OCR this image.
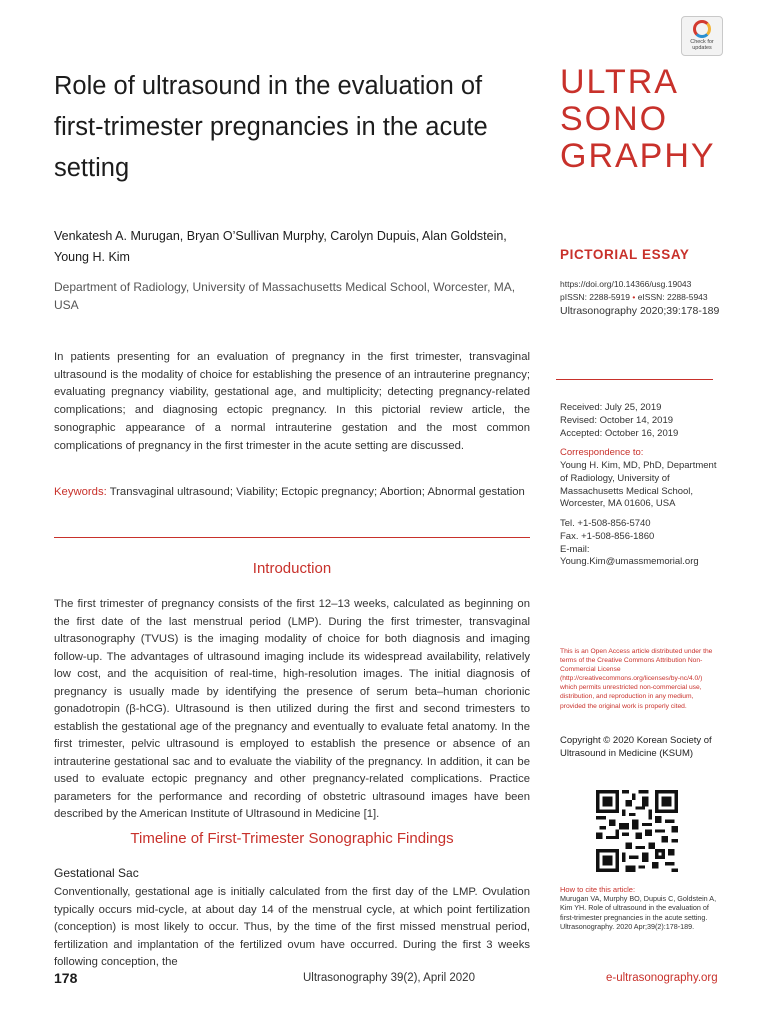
Check for updates
Role of ultrasound in the evaluation of first-trimester pregnancies in the acute setting
ULTRA
SONO
GRAPHY
Venkatesh A. Murugan, Bryan O’Sullivan Murphy, Carolyn Dupuis, Alan Goldstein,
Young H. Kim
Department of Radiology, University of Massachusetts Medical School, Worcester, MA, USA
PICTORIAL ESSAY
https://doi.org/10.14366/usg.19043
pISSN: 2288-5919 • eISSN: 2288-5943
Ultrasonography 2020;39:178-189
In patients presenting for an evaluation of pregnancy in the first trimester, transvaginal ultrasound is the modality of choice for establishing the presence of an intrauterine pregnancy; evaluating pregnancy viability, gestational age, and multiplicity; detecting pregnancy-related complications; and diagnosing ectopic pregnancy. In this pictorial review article, the sonographic appearance of a normal intrauterine gestation and the most common complications of pregnancy in the first trimester in the acute setting are discussed.
Keywords: Transvaginal ultrasound; Viability; Ectopic pregnancy; Abortion; Abnormal gestation
Received: July 25, 2019
Revised: October 14, 2019
Accepted: October 16, 2019
Correspondence to:
Young H. Kim, MD, PhD, Department of Radiology, University of Massachusetts Medical School, Worcester, MA 01606, USA
Tel. +1-508-856-5740
Fax. +1-508-856-1860
E-mail: Young.Kim@umassmemorial.org
Introduction
The first trimester of pregnancy consists of the first 12–13 weeks, calculated as beginning on the first date of the last menstrual period (LMP). During the first trimester, transvaginal ultrasonography (TVUS) is the imaging modality of choice for both diagnosis and imaging follow-up. The advantages of ultrasound imaging include its widespread availability, relatively low cost, and the acquisition of real-time, high-resolution images. The initial diagnosis of pregnancy is usually made by identifying the presence of serum beta–human chorionic gonadotropin (β-hCG). Ultrasound is then utilized during the first and second trimesters to establish the gestational age of the pregnancy and eventually to evaluate fetal anatomy. In the first trimester, pelvic ultrasound is employed to establish the presence or absence of an intrauterine gestational sac and to evaluate the viability of the pregnancy. In addition, it can be used to evaluate ectopic pregnancy and other pregnancy-related complications. Practice parameters for the performance and recording of obstetric ultrasound images have been described by the American Institute of Ultrasound in Medicine [1].
This is an Open Access article distributed under the terms of the Creative Commons Attribution Non-Commercial License (http://creativecommons.org/licenses/by-nc/4.0/) which permits unrestricted non-commercial use, distribution, and reproduction in any medium, provided the original work is properly cited.
Copyright © 2020 Korean Society of Ultrasound in Medicine (KSUM)
How to cite this article:
Murugan VA, Murphy BO, Dupuis C, Goldstein A, Kim YH. Role of ultrasound in the evaluation of first-trimester pregnancies in the acute setting. Ultrasonography. 2020 Apr;39(2):178-189.
Timeline of First-Trimester Sonographic Findings
Gestational Sac
Conventionally, gestational age is initially calculated from the first day of the LMP. Ovulation typically occurs mid-cycle, at about day 14 of the menstrual cycle, at which point fertilization (conception) is most likely to occur. Thus, by the time of the first missed menstrual period, fertilization and implantation of the fertilized ovum have occurred. During the first 3 weeks following conception, the
178	Ultrasonography 39(2), April 2020	e-ultrasonography.org
